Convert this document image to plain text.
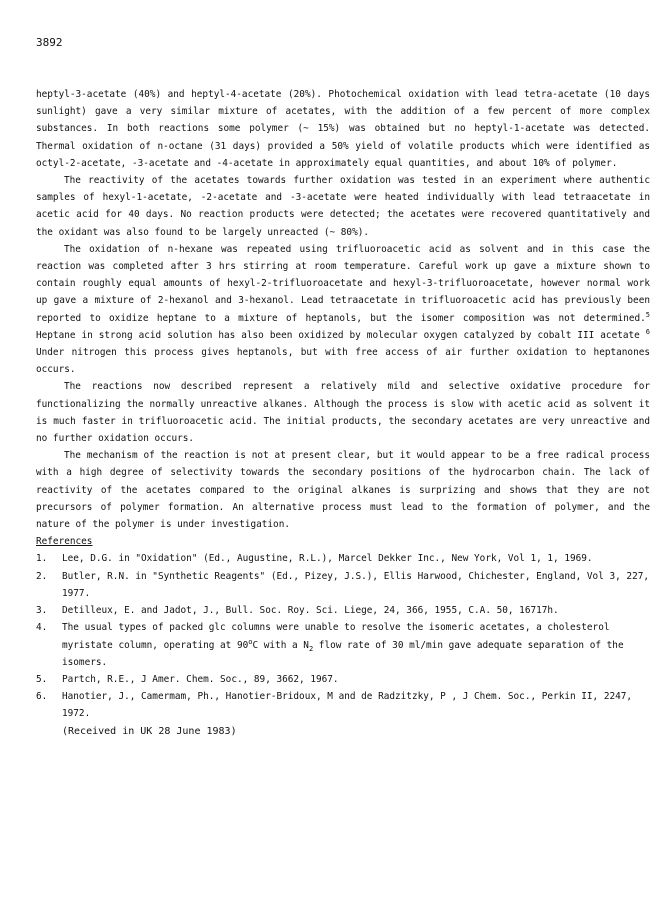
3892

heptyl-3-acetate (40%) and heptyl-4-acetate (20%). Photochemical oxidation with lead tetra-acetate (10 days sunlight) gave a very similar mixture of acetates, with the addition of a few percent of more complex substances. In both reactions some polymer (~ 15%) was obtained but no heptyl-1-acetate was detected. Thermal oxidation of n-octane (31 days) provided a 50% yield of volatile products which were identified as octyl-2-acetate, -3-acetate and -4-acetate in approximately equal quantities, and about 10% of polymer.

The reactivity of the acetates towards further oxidation was tested in an experiment where authentic samples of hexyl-1-acetate, -2-acetate and -3-acetate were heated individually with lead tetraacetate in acetic acid for 40 days. No reaction products were detected; the acetates were recovered quantitatively and the oxidant was also found to be largely unreacted (~ 80%).

The oxidation of n-hexane was repeated using trifluoroacetic acid as solvent and in this case the reaction was completed after 3 hrs stirring at room temperature. Careful work up gave a mixture shown to contain roughly equal amounts of hexyl-2-trifluoroacetate and hexyl-3-trifluoroacetate, however normal work up gave a mixture of 2-hexanol and 3-hexanol. Lead tetraacetate in trifluoroacetic acid has previously been reported to oxidize heptane to a mixture of heptanols, but the isomer composition was not determined.$^5$ Heptane in strong acid solution has also been oxidized by molecular oxygen catalyzed by cobalt III acetate $^6$ Under nitrogen this process gives heptanols, but with free access of air further oxidation to heptanones occurs.

The reactions now described represent a relatively mild and selective oxidative procedure for functionalizing the normally unreactive alkanes. Although the process is slow with acetic acid as solvent it is much faster in trifluoroacetic acid. The initial products, the secondary acetates are very unreactive and no further oxidation occurs.

The mechanism of the reaction is not at present clear, but it would appear to be a free radical process with a high degree of selectivity towards the secondary positions of the hydrocarbon chain. The lack of reactivity of the acetates compared to the original alkanes is surprizing and shows that they are not precursors of polymer formation. An alternative process must lead to the formation of polymer, and the nature of the polymer is under investigation.

References

1. Lee, D.G. in "Oxidation" (Ed., Augustine, R.L.), Marcel Dekker Inc., New York, Vol 1, 1, 1969.
2. Butler, R.N. in "Synthetic Reagents" (Ed., Pizey, J.S.), Ellis Harwood, Chichester, England, Vol 3, 227, 1977.
3. Detilleux, E. and Jadot, J., Bull. Soc. Roy. Sci. Liege, 24, 366, 1955, C.A. 50, 16717h.
4. The usual types of packed glc columns were unable to resolve the isomeric acetates, a cholesterol myristate column, operating at 90$^o$C with a $N_2$ flow rate of 30 ml/min gave adequate separation of the isomers.
5. Partch, R.E., J Amer. Chem. Soc., 89, 3662, 1967.
6. Hanotier, J., Camermam, Ph., Hanotier-Bridoux, M and de Radzitzky, P , J Chem. Soc., Perkin II, 2247, 1972.

(Received in UK 28 June 1983)
